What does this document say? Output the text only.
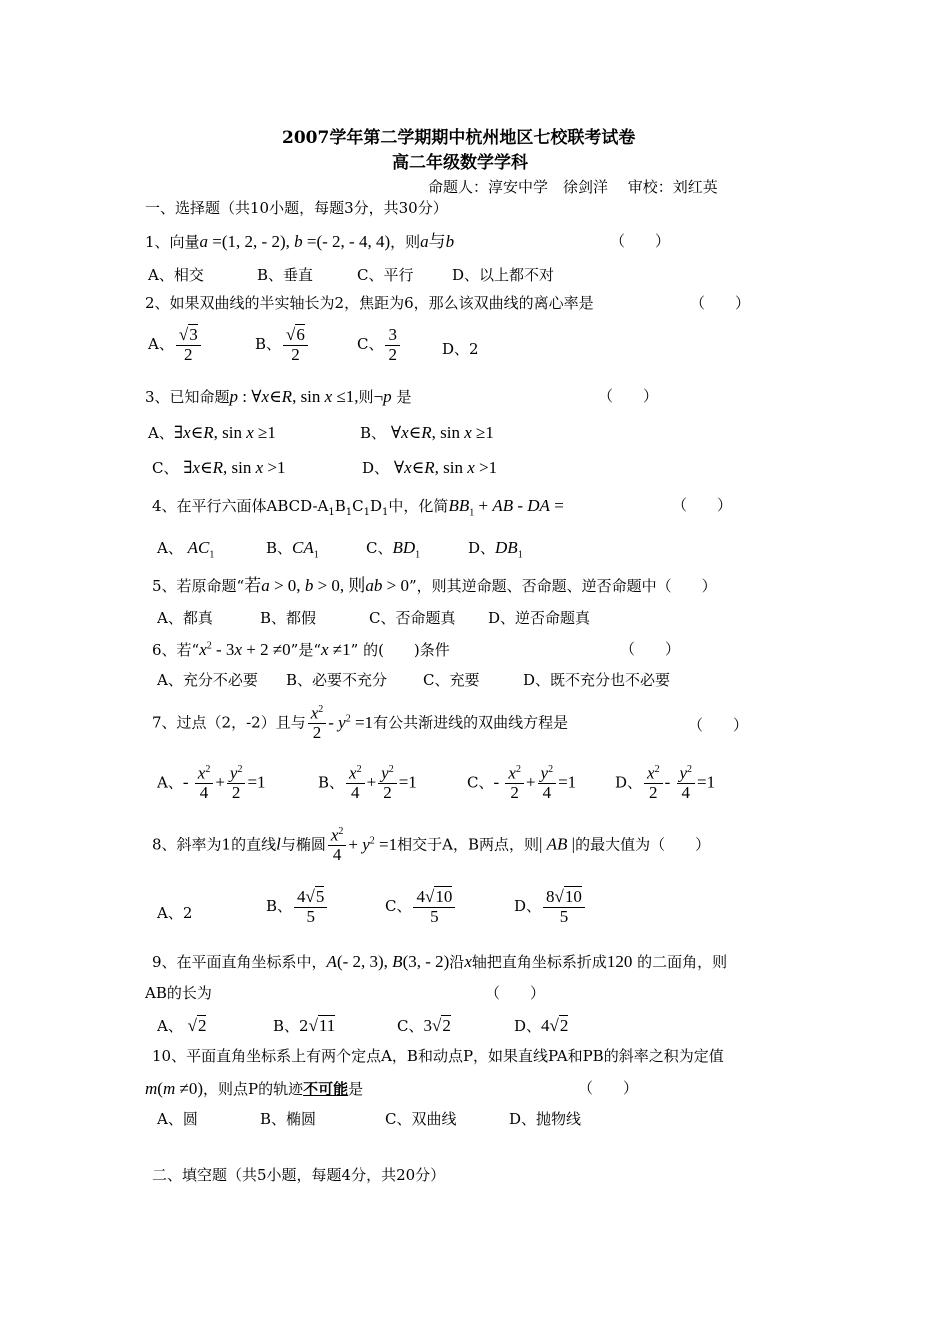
2007学年第二学期期中杭州地区七校联考试卷
高二年级数学学科
命题人：淳安中学　徐剑洋　 审校：刘红英
一、选择题（共10小题，每题3分，共30分）
1、向量a =(1, 2, - 2), b =(- 2, - 4, 4)，则a与b	（　　）
A、相交	B、垂直	C、平行	D、以上都不对
2、如果双曲线的半实轴长为2，焦距为6，那么该双曲线的离心率是	（　　）
A、 $\frac{√3}{2}$	B、 $\frac{√6}{2}$	C、 $\frac{3}{2}$	D、2
3、已知命题p : ∀x∈R, sin x ≤1,则¬p 是	（　　）
A、∃x∈R, sin x ≥1	B、 ∀x∈R, sin x ≥1
C、 ∃x∈R, sin x >1	D、 ∀x∈R, sin x >1
4、在平行六面体ABCD-$A_1B_1C_1D_1$中，化简$BB_1$ + AB - DA =	（　　）
A、 $AC_1$	B、$CA_1$	C、$BD_1$	D、$DB_1$
5、若原命题“若a > 0, b > 0, 则ab > 0”，则其逆命题、否命题、逆否命题中（　　）
A、都真	B、都假	C、否命题真 D、逆否命题真
6、若“$x^2 - 3x + 2 \ne 0$”是“x ≠1” 的(　　)条件	（　　）
A、充分不必要 B、必要不充分 C、充要	D、既不充分也不必要
7、过点（2，-2）且与 $\frac{x^2}{2} - y^2 =1$有公共渐进线的双曲线方程是	（　　）
A、- $\frac{x^2}{4} + \frac{y^2}{2} =1$	B、 $\frac{x^2}{4} + \frac{y^2}{2} =1$	C、- $\frac{x^2}{2} + \frac{y^2}{4} =1$	D、 $\frac{x^2}{2} - \frac{y^2}{4} =1$
8、斜率为1的直线l与椭圆 $\frac{x^2}{4} + y^2 =1$相交于A，B两点，则| AB |的最大值为（　　）
A、2	B、 $\frac{4√5}{5}$	C、 $\frac{4√10}{5}$	D、 $\frac{8√10}{5}$
9、在平面直角坐标系中，A(- 2, 3), B(3, - 2)沿x轴把直角坐标系折成120 的二面角，则
AB的长为	（　　）
A、 √2	B、2√11	C、3√2	D、4√2
10、平面直角坐标系上有两个定点A，B和动点P，如果直线PA和PB的斜率之积为定值
m(m ≠0)，则点P的轨迹不可能是	（　　）
A、圆	B、椭圆	C、双曲线	D、抛物线
二、填空题（共5小题，每题4分，共20分）
